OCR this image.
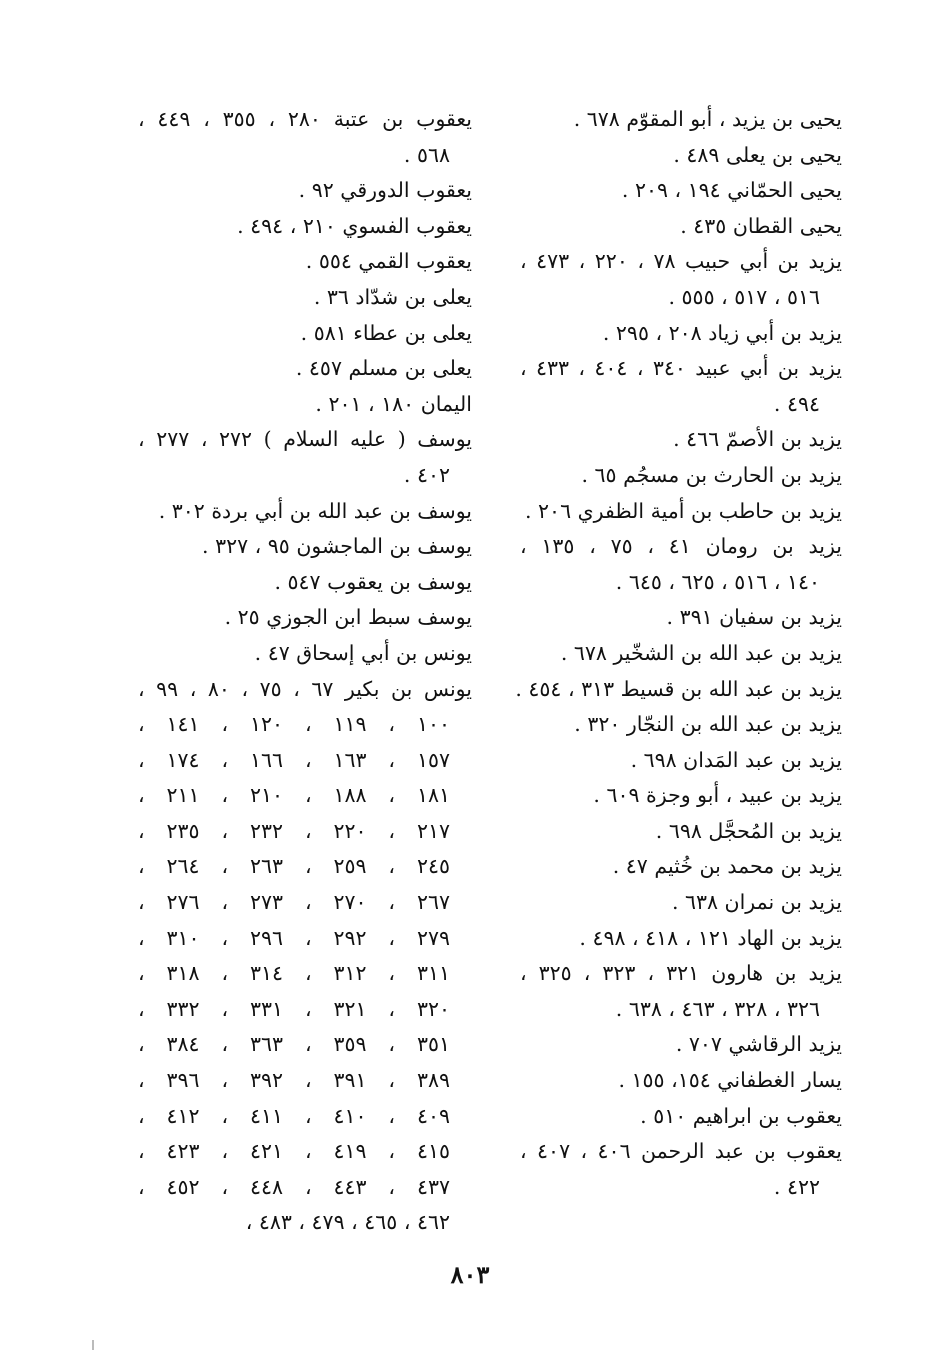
يحيى بن يزيد ، أبو المقوّم ٦٧٨ .
يحيى بن يعلى ٤٨٩ .
يحيى الحمّاني ١٩٤ ، ٢٠٩ .
يحيى القطان ٤٣٥ .
يزيد بن أبي حبيب ٧٨ ، ٢٢٠ ، ٤٧٣ ،
٥١٦ ، ٥١٧ ، ٥٥٥ .
يزيد بن أبي زياد ٢٠٨ ، ٢٩٥ .
يزيد بن أبي عبيد ٣٤٠ ، ٤٠٤ ، ٤٣٣ ،
٤٩٤ .
يزيد بن الأصمّ ٤٦٦ .
يزيد بن الحارث بن مسجُم ٦٥ .
يزيد بن حاطب بن أمية الظفري ٢٠٦ .
يزيد بن رومان ٤١ ، ٧٥ ، ١٣٥ ،
١٤٠ ، ٥١٦ ، ٦٢٥ ، ٦٤٥ .
يزيد بن سفيان ٣٩١ .
يزيد بن عبد الله بن الشخّير ٦٧٨ .
يزيد بن عبد الله بن قسيط ٣١٣ ، ٤٥٤ .
يزيد بن عبد الله بن النجّار ٣٢٠ .
يزيد بن عبد المَدان ٦٩٨ .
يزيد بن عبيد ، أبو وجزة ٦٠٩ .
يزيد بن المُحجَّل ٦٩٨ .
يزيد بن محمد بن خُثيم ٤٧ .
يزيد بن نمران ٦٣٨ .
يزيد بن الهاد ١٢١ ، ٤١٨ ، ٤٩٨ .
يزيد بن هارون ٣٢١ ، ٣٢٣ ، ٣٢٥ ،
٣٢٦ ، ٣٢٨ ، ٤٦٣ ، ٦٣٨ .
يزيد الرقاشي ٧٠٧ .
يسار الغطفاني ١٥٤، ١٥٥ .
يعقوب بن ابراهيم ٥١٠ .
يعقوب بن عبد الرحمن ٤٠٦ ، ٤٠٧ ،
٤٢٢ .
يعقوب بن عتبة ٢٨٠ ، ٣٥٥ ، ٤٤٩ ،
٥٦٨ .
يعقوب الدورقي ٩٢ .
يعقوب الفسوي ٢١٠ ، ٤٩٤ .
يعقوب القمي ٥٥٤ .
يعلى بن شدّاد ٣٦ .
يعلى بن عطاء ٥٨١ .
يعلى بن مسلم ٤٥٧ .
اليمان ١٨٠ ، ٢٠١ .
يوسف ( عليه السلام ) ٢٧٢ ، ٢٧٧ ،
٤٠٢ .
يوسف بن عبد الله بن أبي بردة ٣٠٢ .
يوسف بن الماجشون ٩٥ ، ٣٢٧ .
يوسف بن يعقوب ٥٤٧ .
يوسف سبط ابن الجوزي ٢٥ .
يونس بن أبي إسحاق ٤٧ .
يونس بن بكير ٦٧ ، ٧٥ ، ٨٠ ، ٩٩ ،
١٠٠ ، ١١٩ ، ١٢٠ ، ١٤١ ،
١٥٧ ، ١٦٣ ، ١٦٦ ، ١٧٤ ،
١٨١ ، ١٨٨ ، ٢١٠ ، ٢١١ ،
٢١٧ ، ٢٢٠ ، ٢٣٢ ، ٢٣٥ ،
٢٤٥ ، ٢٥٩ ، ٢٦٣ ، ٢٦٤ ،
٢٦٧ ، ٢٧٠ ، ٢٧٣ ، ٢٧٦ ،
٢٧٩ ، ٢٩٢ ، ٢٩٦ ، ٣١٠ ،
٣١١ ، ٣١٢ ، ٣١٤ ، ٣١٨ ،
٣٢٠ ، ٣٢١ ، ٣٣١ ، ٣٣٢ ،
٣٥١ ، ٣٥٩ ، ٣٦٣ ، ٣٨٤ ،
٣٨٩ ، ٣٩١ ، ٣٩٢ ، ٣٩٦ ،
٤٠٩ ، ٤١٠ ، ٤١١ ، ٤١٢ ،
٤١٥ ، ٤١٩ ، ٤٢١ ، ٤٢٣ ،
٤٣٧ ، ٤٤٣ ، ٤٤٨ ، ٤٥٢ ،
٤٦٢ ، ٤٦٥ ، ٤٧٩ ، ٤٨٣ ،
٨٠٣
